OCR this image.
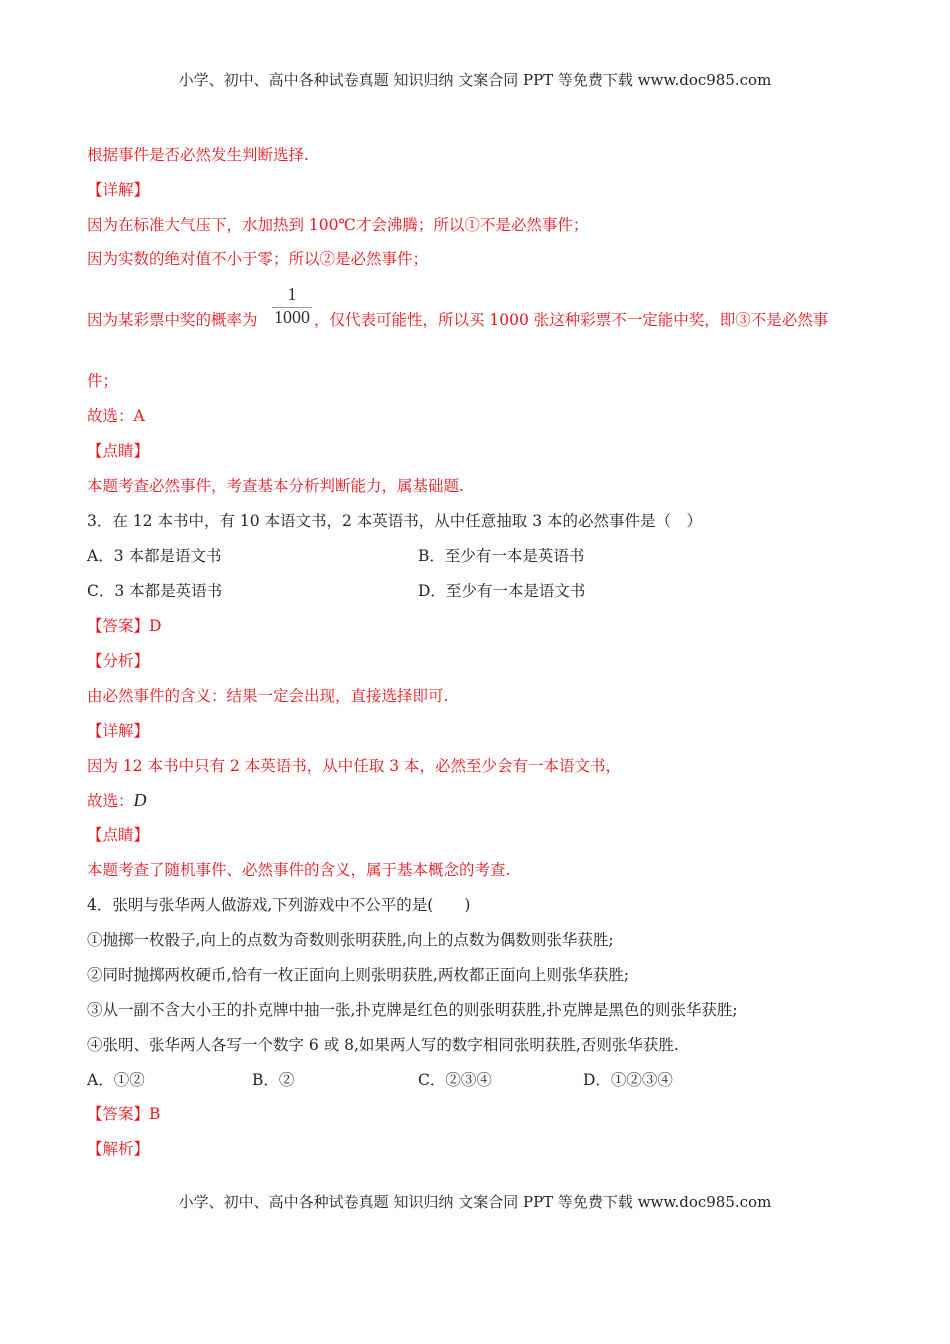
小学、初中、高中各种试卷真题 知识归纳 文案合同 PPT 等免费下载 www.doc985.com
根据事件是否必然发生判断选择.
【详解】
因为在标准大气压下，水加热到 100℃才会沸腾；所以①不是必然事件；
因为实数的绝对值不小于零；所以②是必然事件；
因为某彩票中奖的概率为
1
1000 ，仅代表可能性，所以买 1000 张这种彩票不一定能中奖，即③不是必然事
件；
故选：A
【点睛】
本题考查必然事件，考查基本分析判断能力，属基础题.
3．在 12 本书中，有 10 本语文书，2 本英语书，从中任意抽取 3 本的必然事件是（　）
A．3 本都是语文书	B．至少有一本是英语书
C．3 本都是英语书	D．至少有一本是语文书
【答案】D
【分析】
由必然事件的含义：结果一定会出现，直接选择即可.
【详解】
因为 12 本书中只有 2 本英语书，从中任取 3 本，必然至少会有一本语文书，
故选：D
【点睛】
本题考查了随机事件、必然事件的含义，属于基本概念的考查.
4．张明与张华两人做游戏,下列游戏中不公平的是(　　)
①抛掷一枚骰子,向上的点数为奇数则张明获胜,向上的点数为偶数则张华获胜;
②同时抛掷两枚硬币,恰有一枚正面向上则张明获胜,两枚都正面向上则张华获胜;
③从一副不含大小王的扑克牌中抽一张,扑克牌是红色的则张明获胜,扑克牌是黑色的则张华获胜;
④张明、张华两人各写一个数字 6 或 8,如果两人写的数字相同张明获胜,否则张华获胜.
A．①②	B．②	C．②③④	D．①②③④
【答案】B
【解析】
小学、初中、高中各种试卷真题 知识归纳 文案合同 PPT 等免费下载 www.doc985.com
